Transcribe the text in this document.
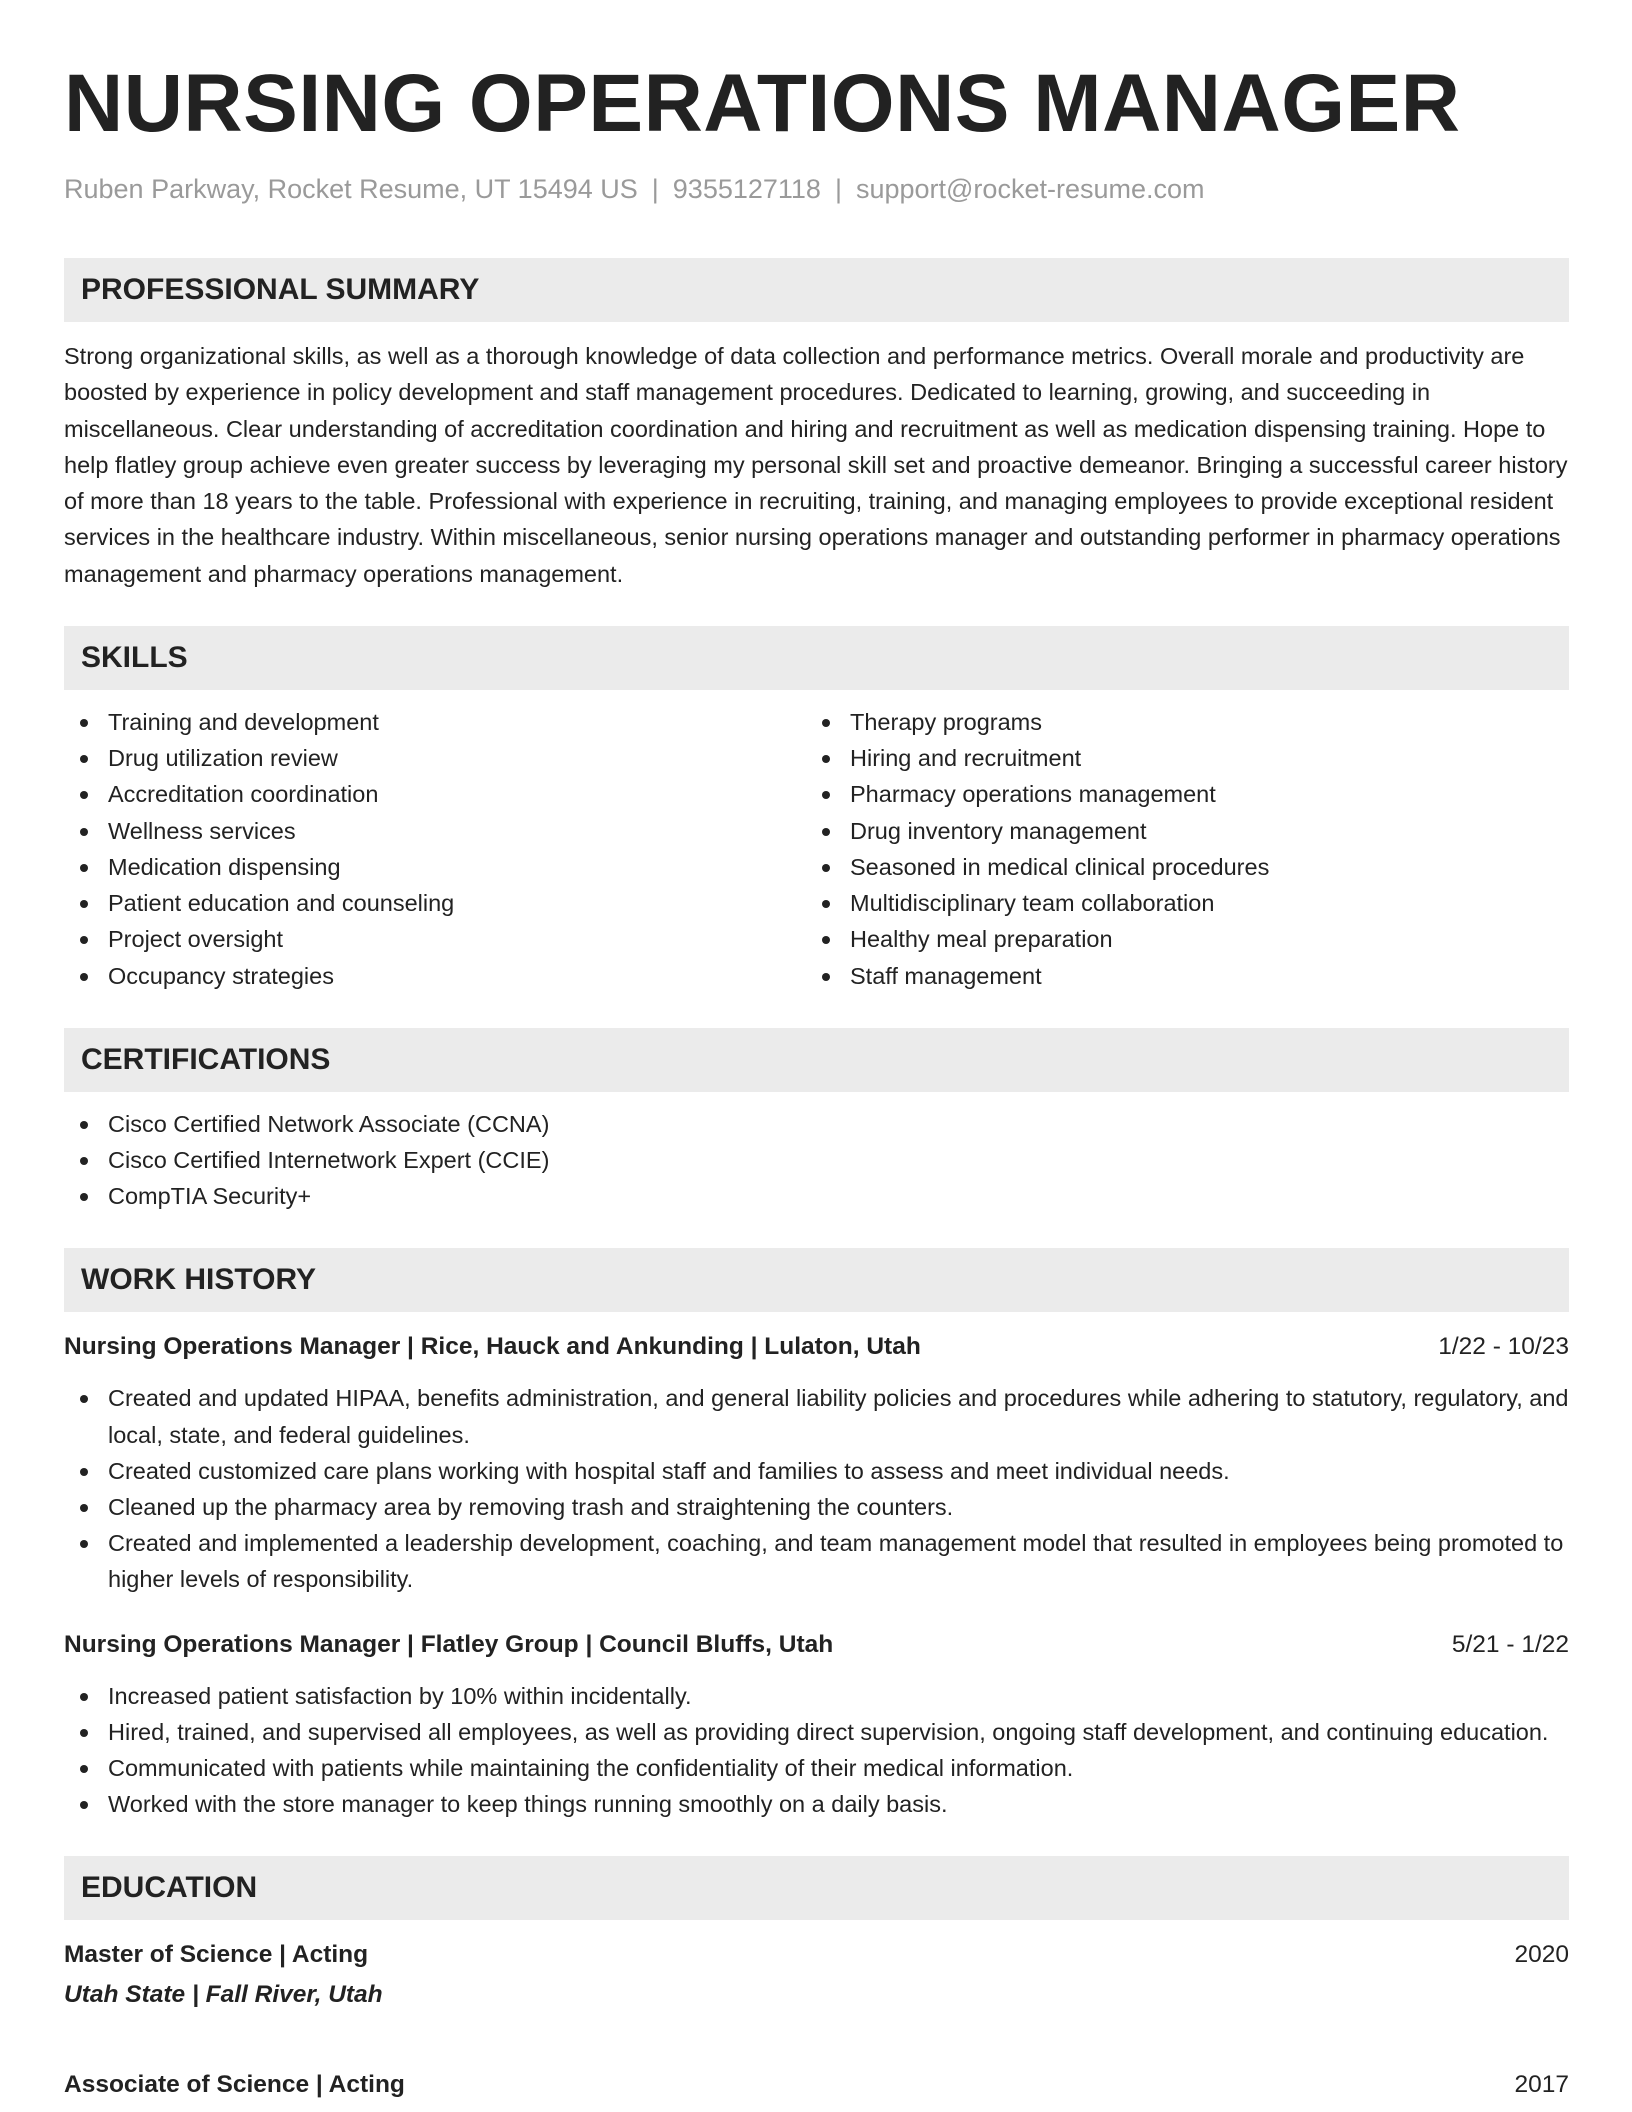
NURSING OPERATIONS MANAGER
Ruben Parkway, Rocket Resume, UT 15494 US | 9355127118 | support@rocket-resume.com
PROFESSIONAL SUMMARY
Strong organizational skills, as well as a thorough knowledge of data collection and performance metrics. Overall morale and productivity are boosted by experience in policy development and staff management procedures. Dedicated to learning, growing, and succeeding in miscellaneous. Clear understanding of accreditation coordination and hiring and recruitment as well as medication dispensing training. Hope to help flatley group achieve even greater success by leveraging my personal skill set and proactive demeanor. Bringing a successful career history of more than 18 years to the table. Professional with experience in recruiting, training, and managing employees to provide exceptional resident services in the healthcare industry. Within miscellaneous, senior nursing operations manager and outstanding performer in pharmacy operations management and pharmacy operations management.
SKILLS
Training and development
Drug utilization review
Accreditation coordination
Wellness services
Medication dispensing
Patient education and counseling
Project oversight
Occupancy strategies
Therapy programs
Hiring and recruitment
Pharmacy operations management
Drug inventory management
Seasoned in medical clinical procedures
Multidisciplinary team collaboration
Healthy meal preparation
Staff management
CERTIFICATIONS
Cisco Certified Network Associate (CCNA)
Cisco Certified Internetwork Expert (CCIE)
CompTIA Security+
WORK HISTORY
Nursing Operations Manager | Rice, Hauck and Ankunding | Lulaton, Utah	1/22 - 10/23
Created and updated HIPAA, benefits administration, and general liability policies and procedures while adhering to statutory, regulatory, and local, state, and federal guidelines.
Created customized care plans working with hospital staff and families to assess and meet individual needs.
Cleaned up the pharmacy area by removing trash and straightening the counters.
Created and implemented a leadership development, coaching, and team management model that resulted in employees being promoted to higher levels of responsibility.
Nursing Operations Manager | Flatley Group | Council Bluffs, Utah	5/21 - 1/22
Increased patient satisfaction by 10% within incidentally.
Hired, trained, and supervised all employees, as well as providing direct supervision, ongoing staff development, and continuing education.
Communicated with patients while maintaining the confidentiality of their medical information.
Worked with the store manager to keep things running smoothly on a daily basis.
EDUCATION
Master of Science | Acting	2020
Utah State | Fall River, Utah
Associate of Science | Acting	2017
